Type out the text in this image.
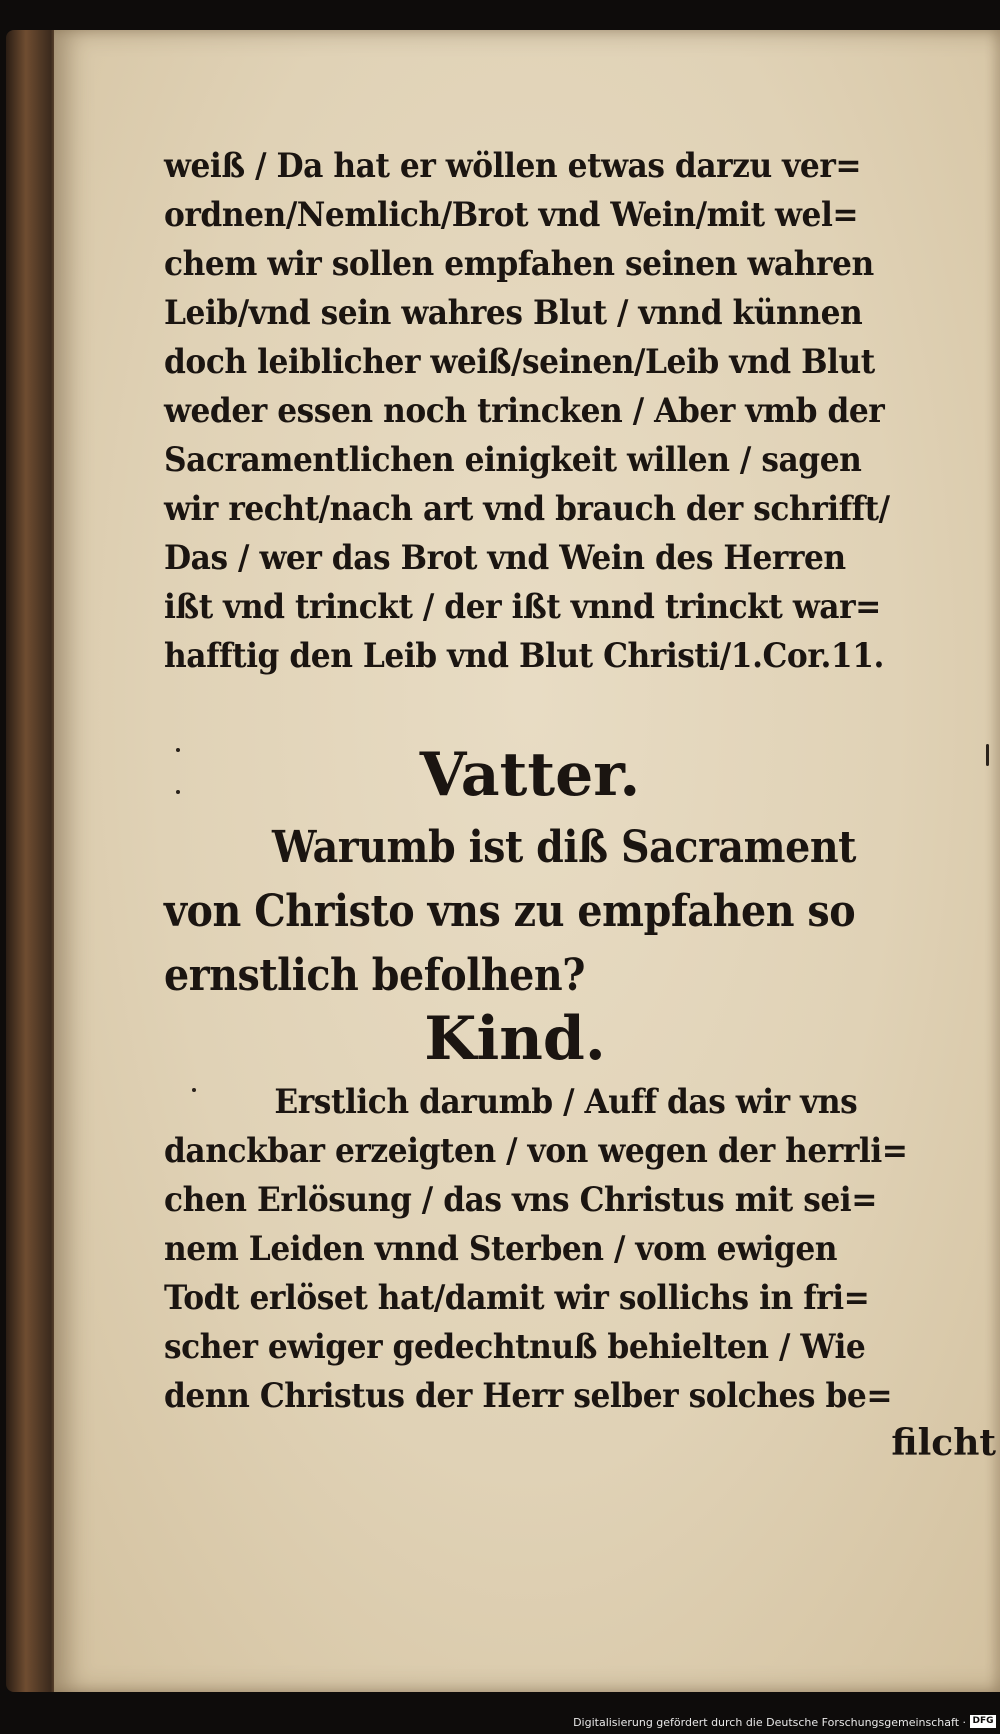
weiß / Da hat er wöllen etwas darzu ver=
ordnen/Nemlich/Brot vnd Wein/mit wel=
chem wir sollen empfahen seinen wahren
Leib/vnd sein wahres Blut / vnnd künnen
doch leiblicher weiß/seinen/Leib vnd Blut
weder essen noch trincken / Aber vmb der
Sacramentlichen einigkeit willen / sagen
wir recht/nach art vnd brauch der schrifft/
Das / wer das Brot vnd Wein des Herren
ißt vnd trinckt / der ißt vnnd trinckt war=
hafftig den Leib vnd Blut Christi/1.Cor.11.
Vatter.
Warumb ist diß Sacrament
von Christo vns zu empfahen so
ernstlich befolhen?
Kind.
Erstlich darumb / Auff das wir vns
danckbar erzeigten / von wegen der herrli=
chen Erlösung / das vns Christus mit sei=
nem Leiden vnnd Sterben / vom ewigen
Todt erlöset hat/damit wir sollichs in fri=
scher ewiger gedechtnuß behielten / Wie
denn Christus der Herr selber solches be=
filcht
Digitalisierung gefördert durch die Deutsche Forschungsgemeinschaft · DFG
